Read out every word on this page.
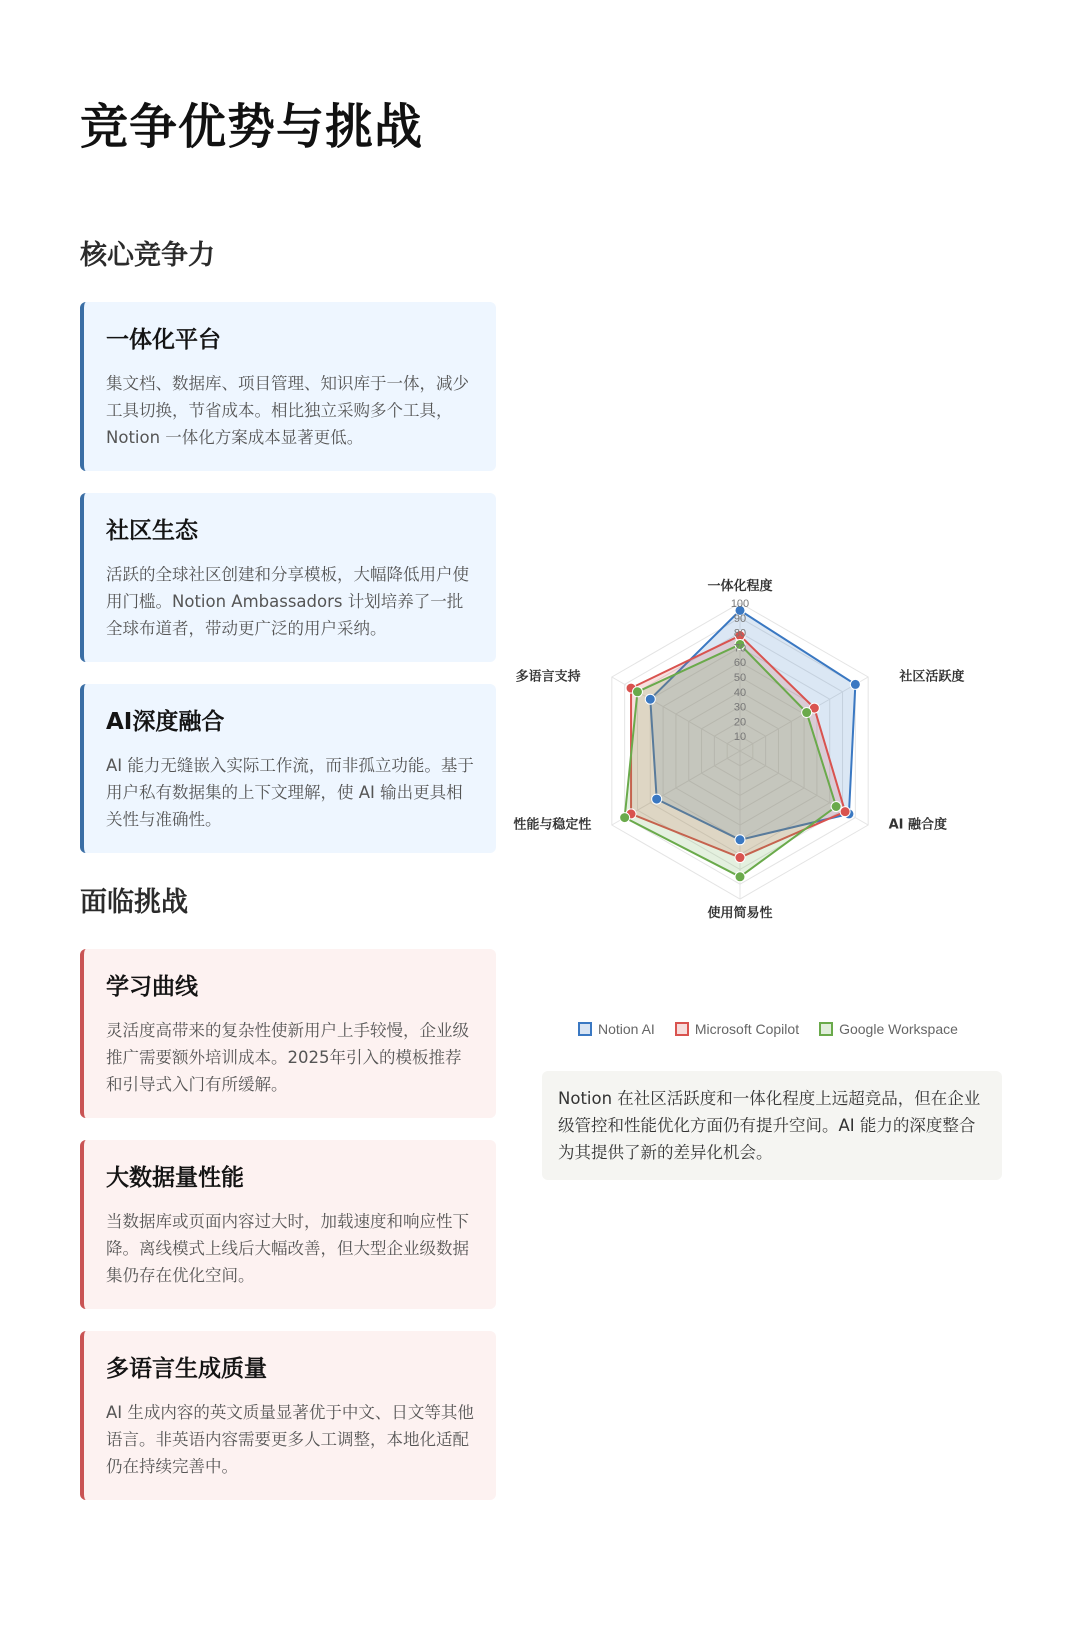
竞争优势与挑战
核心竞争力
一体化平台

集文档、数据库、项目管理、知识库于一体，减少工具切换，节省成本。相比独立采购多个工具，Notion 一体化方案成本显著更低。

社区生态

活跃的全球社区创建和分享模板，大幅降低用户使用门槛。Notion Ambassadors 计划培养了一批全球布道者，带动更广泛的用户采纳。

AI深度融合

AI 能力无缝嵌入实际工作流，而非孤立功能。基于用户私有数据集的上下文理解，使 AI 输出更具相关性与准确性。

面临挑战
学习曲线

灵活度高带来的复杂性使新用户上手较慢，企业级推广需要额外培训成本。2025年引入的模板推荐和引导式入门有所缓解。

大数据量性能

当数据库或页面内容过大时，加载速度和响应性下降。离线模式上线后大幅改善，但大型企业级数据集仍存在优化空间。

多语言生成质量

AI 生成内容的英文质量显著优于中文、日文等其他语言。非英语内容需要更多人工调整，本地化适配仍在持续完善中。

10
20
30
40
50
60
70
80
90
100
一体化程度
社区活跃度
AI 融合度
使用简易性
性能与稳定性
多语言支持
Notion AI	Microsoft Copilot	Google Workspace
Notion 在社区活跃度和一体化程度上远超竞品，但在企业级管控和性能优化方面仍有提升空间。AI 能力的深度整合为其提供了新的差异化机会。
